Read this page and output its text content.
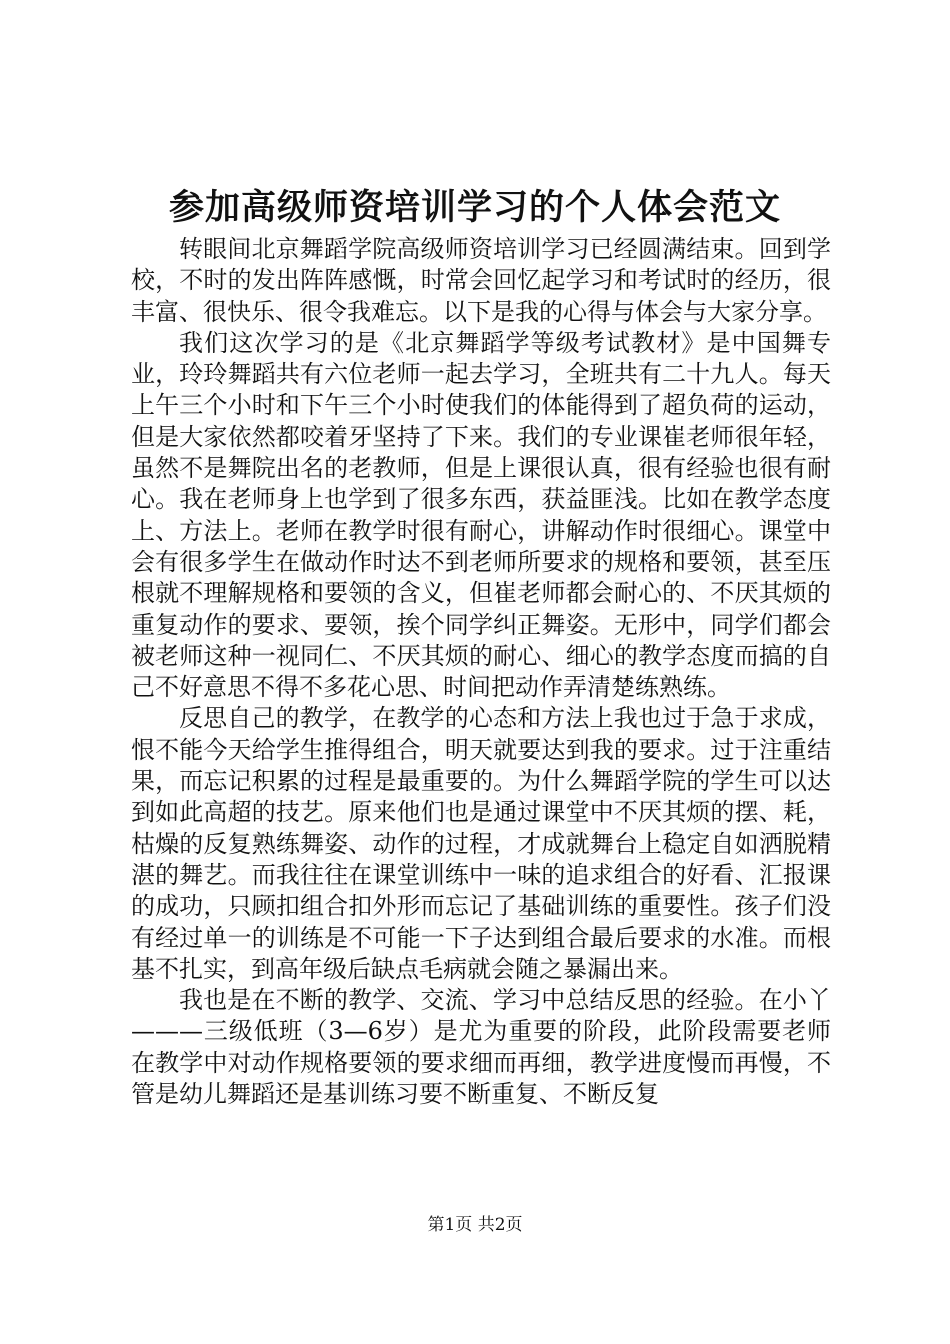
参加高级师资培训学习的个人体会范文

转眼间北京舞蹈学院高级师资培训学习已经圆满结束。回到学校，不时的发出阵阵感慨，时常会回忆起学习和考试时的经历，很丰富、很快乐、很令我难忘。以下是我的心得与体会与大家分享。

我们这次学习的是《北京舞蹈学等级考试教材》是中国舞专业，玲玲舞蹈共有六位老师一起去学习，全班共有二十九人。每天上午三个小时和下午三个小时使我们的体能得到了超负荷的运动，但是大家依然都咬着牙坚持了下来。我们的专业课崔老师很年轻，虽然不是舞院出名的老教师，但是上课很认真，很有经验也很有耐心。我在老师身上也学到了很多东西，获益匪浅。比如在教学态度上、方法上。老师在教学时很有耐心，讲解动作时很细心。课堂中会有很多学生在做动作时达不到老师所要求的规格和要领，甚至压根就不理解规格和要领的含义，但崔老师都会耐心的、不厌其烦的重复动作的要求、要领，挨个同学纠正舞姿。无形中，同学们都会被老师这种一视同仁、不厌其烦的耐心、细心的教学态度而搞的自己不好意思不得不多花心思、时间把动作弄清楚练熟练。

反思自己的教学，在教学的心态和方法上我也过于急于求成，恨不能今天给学生推得组合，明天就要达到我的要求。过于注重结果，而忘记积累的过程是最重要的。为什么舞蹈学院的学生可以达到如此高超的技艺。原来他们也是通过课堂中不厌其烦的摆、耗，枯燥的反复熟练舞姿、动作的过程，才成就舞台上稳定自如洒脱精湛的舞艺。而我往往在课堂训练中一味的追求组合的好看、汇报课的成功，只顾扣组合扣外形而忘记了基础训练的重要性。孩子们没有经过单一的训练是不可能一下子达到组合最后要求的水准。而根基不扎实，到高年级后缺点毛病就会随之暴漏出来。

我也是在不断的教学、交流、学习中总结反思的经验。在小丫———三级低班（3—6岁）是尤为重要的阶段，此阶段需要老师在教学中对动作规格要领的要求细而再细，教学进度慢而再慢，不管是幼儿舞蹈还是基训练习要不断重复、不断反复

第1页 共2页
